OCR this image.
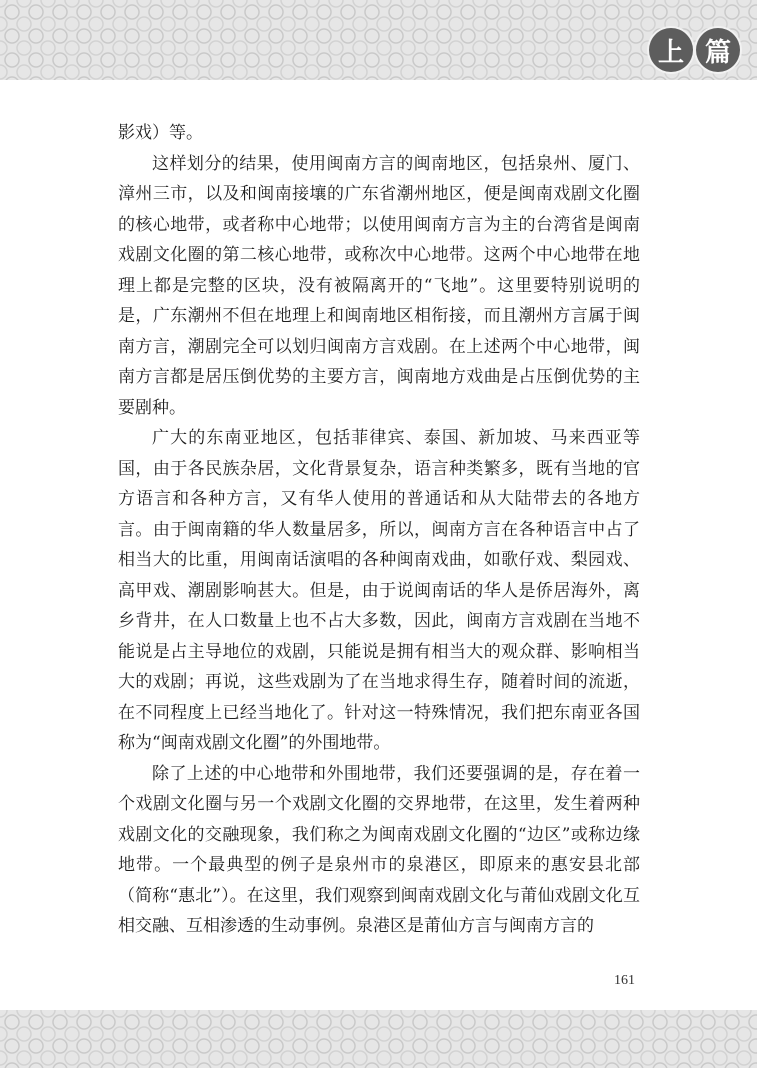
上 篇

影戏）等。

这样划分的结果，使用闽南方言的闽南地区，包括泉州、厦门、漳州三市，以及和闽南接壤的广东省潮州地区，便是闽南戏剧文化圈的核心地带，或者称中心地带；以使用闽南方言为主的台湾省是闽南戏剧文化圈的第二核心地带，或称次中心地带。这两个中心地带在地理上都是完整的区块，没有被隔离开的“飞地”。这里要特别说明的是，广东潮州不但在地理上和闽南地区相衔接，而且潮州方言属于闽南方言，潮剧完全可以划归闽南方言戏剧。在上述两个中心地带，闽南方言都是居压倒优势的主要方言，闽南地方戏曲是占压倒优势的主要剧种。

广大的东南亚地区，包括菲律宾、泰国、新加坡、马来西亚等国，由于各民族杂居，文化背景复杂，语言种类繁多，既有当地的官方语言和各种方言，又有华人使用的普通话和从大陆带去的各地方言。由于闽南籍的华人数量居多，所以，闽南方言在各种语言中占了相当大的比重，用闽南话演唱的各种闽南戏曲，如歌仔戏、梨园戏、高甲戏、潮剧影响甚大。但是，由于说闽南话的华人是侨居海外，离乡背井，在人口数量上也不占大多数，因此，闽南方言戏剧在当地不能说是占主导地位的戏剧，只能说是拥有相当大的观众群、影响相当大的戏剧；再说，这些戏剧为了在当地求得生存，随着时间的流逝，在不同程度上已经当地化了。针对这一特殊情况，我们把东南亚各国称为“闽南戏剧文化圈”的外围地带。

除了上述的中心地带和外围地带，我们还要强调的是，存在着一个戏剧文化圈与另一个戏剧文化圈的交界地带，在这里，发生着两种戏剧文化的交融现象，我们称之为闽南戏剧文化圈的“边区”或称边缘地带。一个最典型的例子是泉州市的泉港区，即原来的惠安县北部（简称“惠北”）。在这里，我们观察到闽南戏剧文化与莆仙戏剧文化互相交融、互相渗透的生动事例。泉港区是莆仙方言与闽南方言的

161
